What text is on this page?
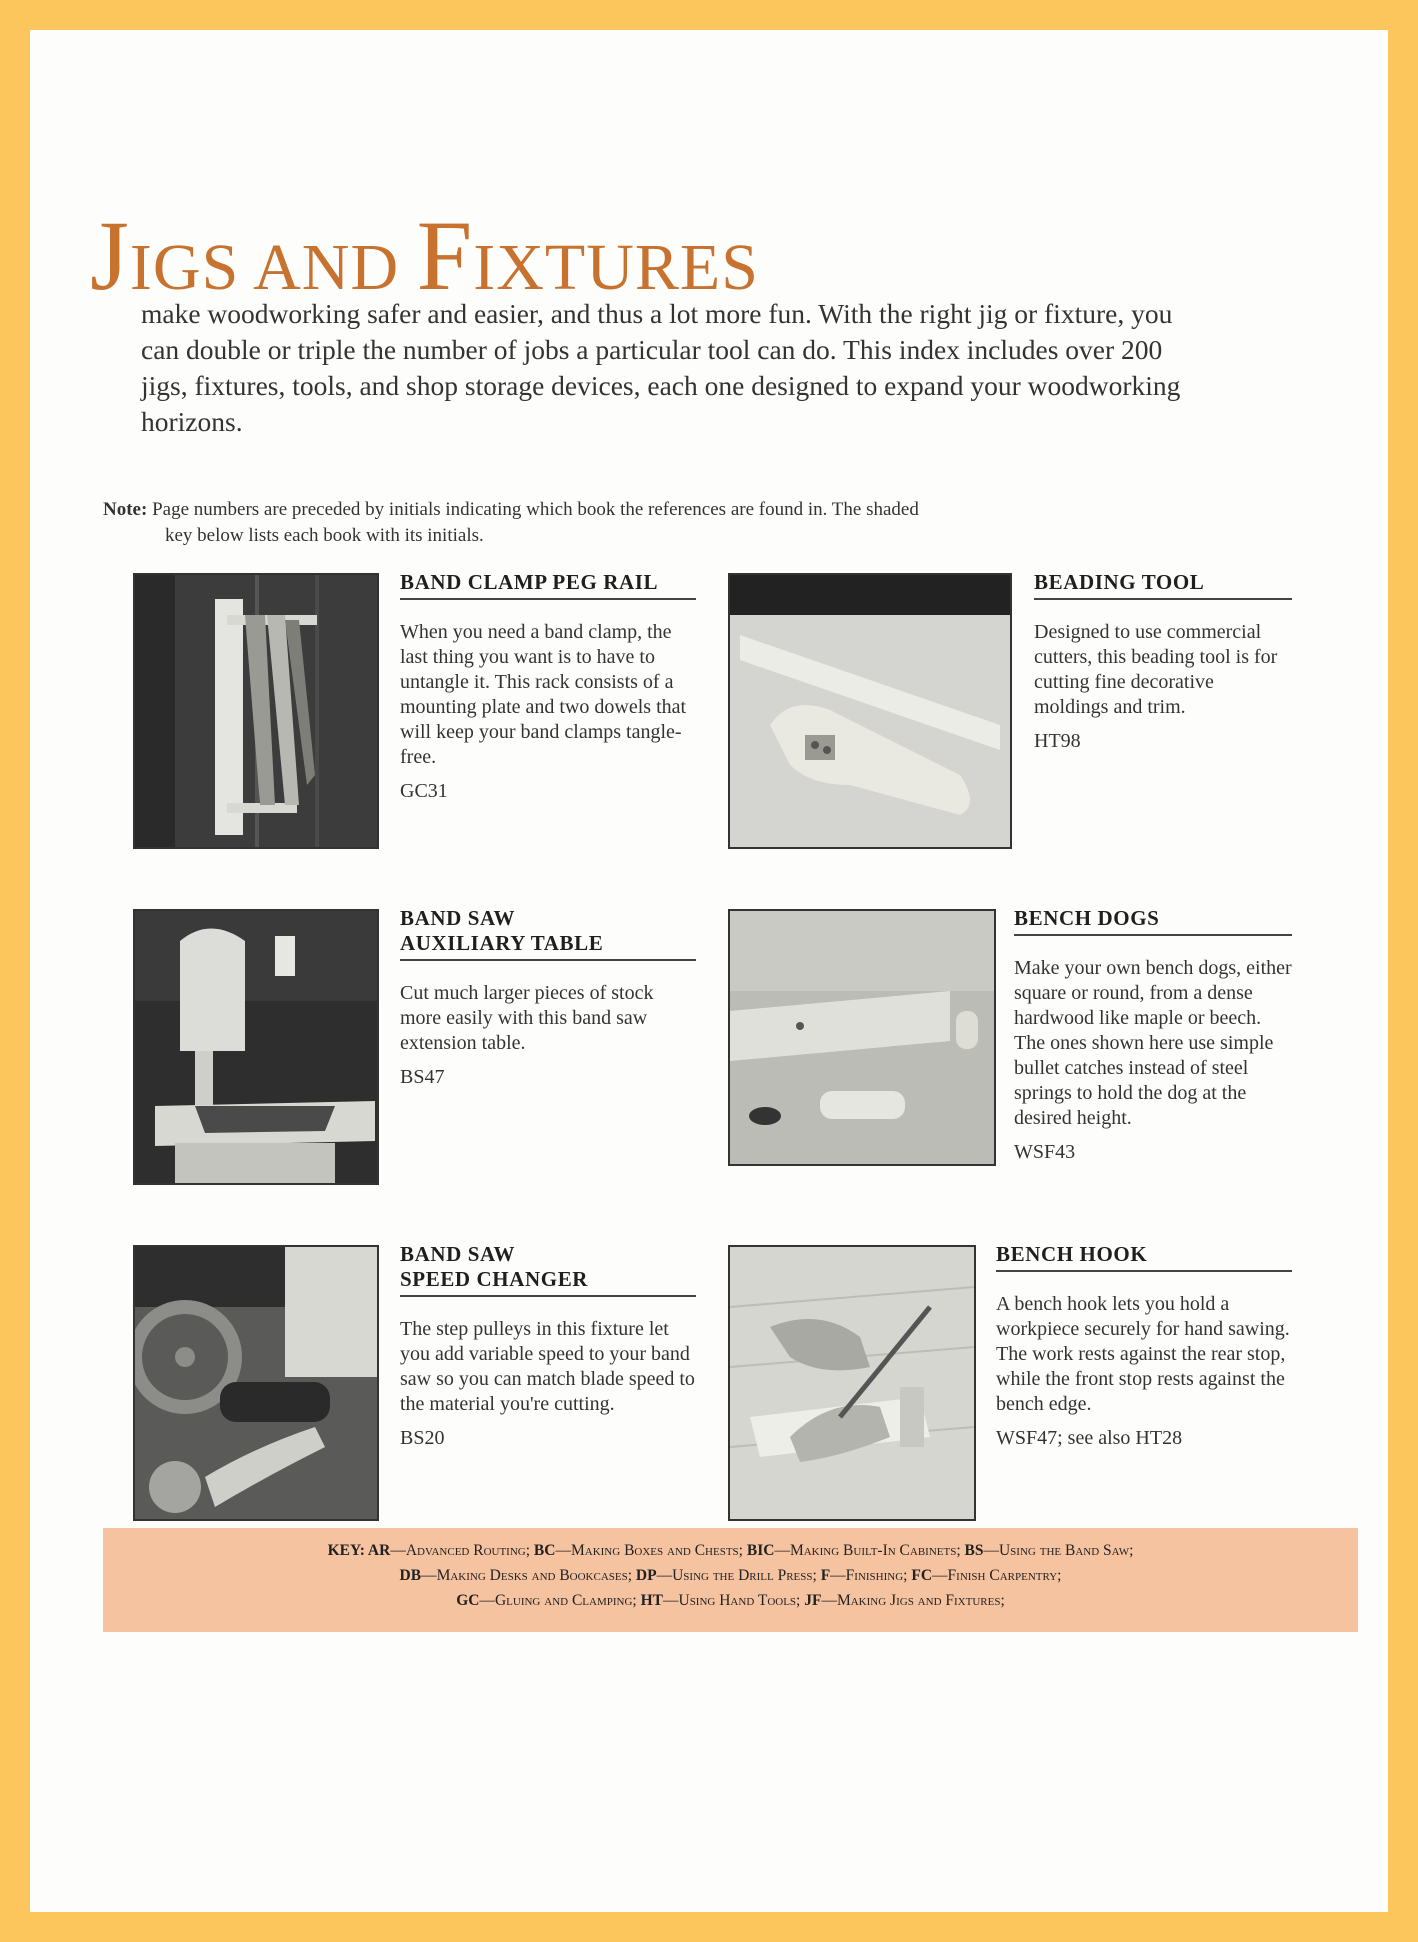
JIGS AND FIXTURES

make woodworking safer and easier, and thus a lot more fun. With the right jig or fixture, you can double or triple the number of jobs a particular tool can do. This index includes over 200 jigs, fixtures, tools, and shop storage devices, each one designed to expand your woodworking horizons.

Note: Page numbers are preceded by initials indicating which book the references are found in. The shaded
key below lists each book with its initials.

BAND CLAMP PEG RAIL

When you need a band clamp, the last thing you want is to have to untangle it. This rack consists of a mounting plate and two dowels that will keep your band clamps tangle-free.

GC31

BEADING TOOL

Designed to use commercial cutters, this beading tool is for cutting fine decorative moldings and trim.

HT98

BAND SAW
AUXILIARY TABLE

Cut much larger pieces of stock more easily with this band saw extension table.

BS47

BENCH DOGS

Make your own bench dogs, either square or round, from a dense hardwood like maple or beech. The ones shown here use simple bullet catches instead of steel springs to hold the dog at the desired height.

WSF43

BAND SAW
SPEED CHANGER

The step pulleys in this fixture let you add variable speed to your band saw so you can match blade speed to the material you're cutting.

BS20

BENCH HOOK

A bench hook lets you hold a workpiece securely for hand sawing. The work rests against the rear stop, while the front stop rests against the bench edge.

WSF47; see also HT28

KEY: AR—Advanced Routing; BC—Making Boxes and Chests; BIC—Making Built-In Cabinets; BS—Using the Band Saw;
DB—Making Desks and Bookcases; DP—Using the Drill Press; F—Finishing; FC—Finish Carpentry;
GC—Gluing and Clamping; HT—Using Hand Tools; JF—Making Jigs and Fixtures;
